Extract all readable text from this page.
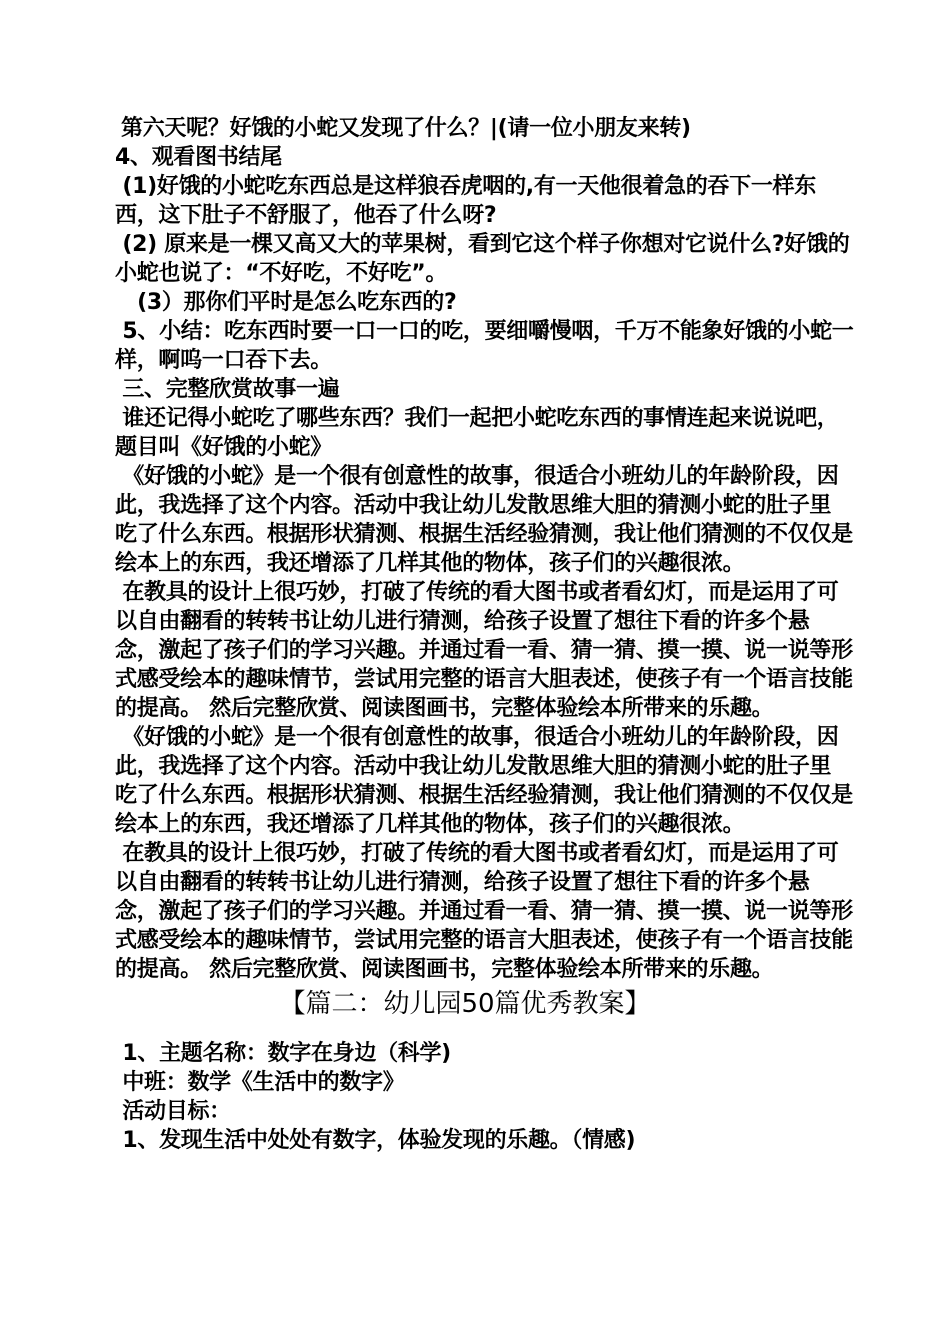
第六天呢？好饿的小蛇又发现了什么？|(请一位小朋友来转)

4、观看图书结尾

(1)好饿的小蛇吃东西总是这样狼吞虎咽的,有一天他很着急的吞下一样东西，这下肚子不舒服了，他吞了什么呀?

(2) 原来是一棵又高又大的苹果树，看到它这个样子你想对它说什么?好饿的小蛇也说了：“不好吃，不好吃”。

(3）那你们平时是怎么吃东西的?

5、小结：吃东西时要一口一口的吃，要细嚼慢咽，千万不能象好饿的小蛇一样，啊呜一口吞下去。

三、完整欣赏故事一遍

谁还记得小蛇吃了哪些东西？我们一起把小蛇吃东西的事情连起来说说吧，题目叫《好饿的小蛇》

《好饿的小蛇》是一个很有创意性的故事，很适合小班幼儿的年龄阶段，因此，我选择了这个内容。活动中我让幼儿发散思维大胆的猜测小蛇的肚子里 吃了什么东西。根据形状猜测、根据生活经验猜测，我让他们猜测的不仅仅是绘本上的东西，我还增添了几样其他的物体，孩子们的兴趣很浓。

在教具的设计上很巧妙，打破了传统的看大图书或者看幻灯，而是运用了可以自由翻看的转转书让幼儿进行猜测，给孩子设置了想往下看的许多个悬 念，激起了孩子们的学习兴趣。并通过看一看、猜一猜、摸一摸、说一说等形式感受绘本的趣味情节，尝试用完整的语言大胆表述，使孩子有一个语言技能的提高。 然后完整欣赏、阅读图画书，完整体验绘本所带来的乐趣。

《好饿的小蛇》是一个很有创意性的故事，很适合小班幼儿的年龄阶段，因此，我选择了这个内容。活动中我让幼儿发散思维大胆的猜测小蛇的肚子里 吃了什么东西。根据形状猜测、根据生活经验猜测，我让他们猜测的不仅仅是绘本上的东西，我还增添了几样其他的物体，孩子们的兴趣很浓。

在教具的设计上很巧妙，打破了传统的看大图书或者看幻灯，而是运用了可以自由翻看的转转书让幼儿进行猜测，给孩子设置了想往下看的许多个悬 念，激起了孩子们的学习兴趣。并通过看一看、猜一猜、摸一摸、说一说等形式感受绘本的趣味情节，尝试用完整的语言大胆表述，使孩子有一个语言技能的提高。 然后完整欣赏、阅读图画书，完整体验绘本所带来的乐趣。

【篇二：幼儿园50篇优秀教案】

1、主题名称：数字在身边（科学)

中班：数学《生活中的数字》

活动目标：

1、发现生活中处处有数字，体验发现的乐趣。（情感)
